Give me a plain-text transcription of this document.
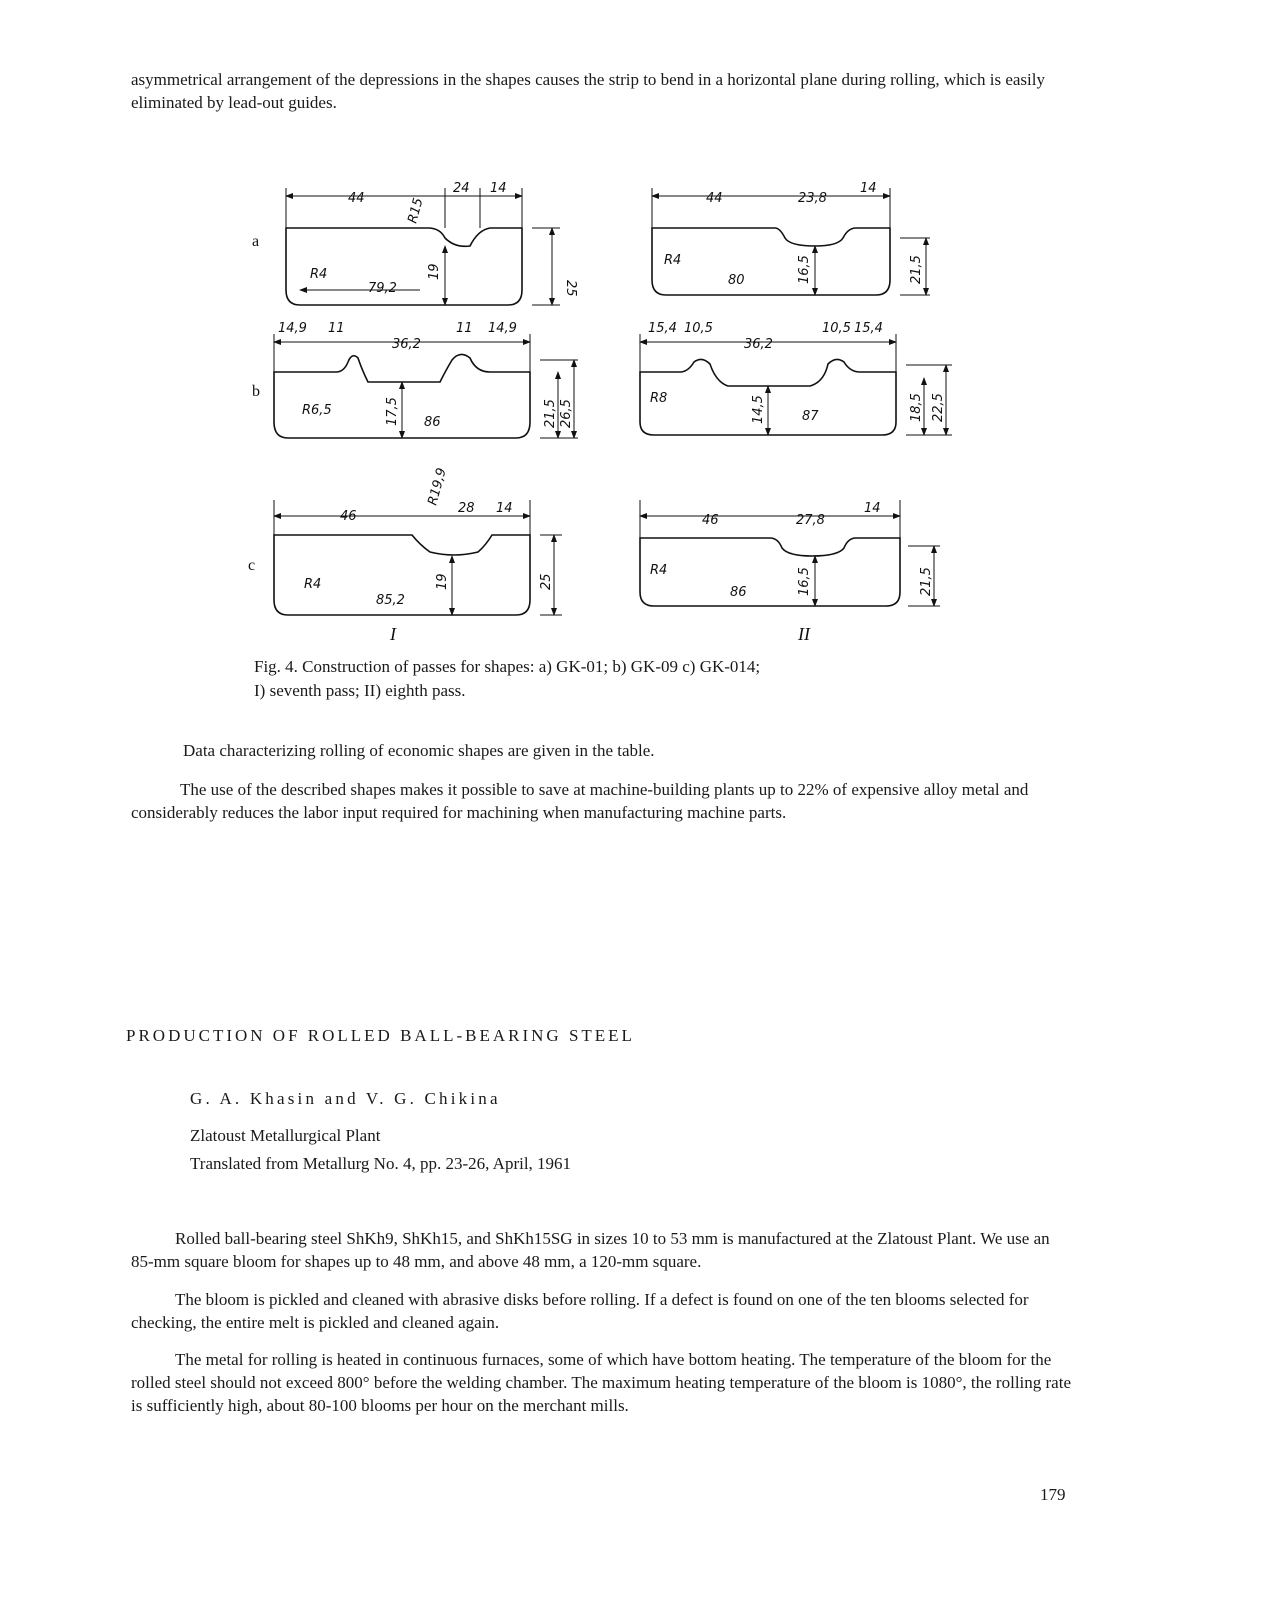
asymmetrical arrangement of the depressions in the shapes causes the strip to bend in a horizontal plane during rolling, which is easily eliminated by lead-out guides.
a
b
c
44
24 14
R15
R4
79,2
19
25
44	23,8
14
R4
80	16,5	21,5
14,9 11
36,2
11 14,9
R6,5
86
17,5	21,5 26,5
15,4 10,5
36,2
10,5 15,4
R8
87
14,5	18,5 22,5
46
28 14
R19,9
R4
85,2
19	25
46	27,8
14
R4
86	16,5	21,5
I	II
Fig. 4. Construction of passes for shapes: a) GK-01; b) GK-09 c) GK-014;
I) seventh pass; II) eighth pass.
Data characterizing rolling of economic shapes are given in the table.
The use of the described shapes makes it possible to save at machine-building plants up to 22% of expensive alloy metal and considerably reduces the labor input required for machining when manufacturing machine parts.
PRODUCTION OF ROLLED BALL-BEARING STEEL
G. A. Khasin and V. G. Chikina
Zlatoust Metallurgical Plant
Translated from Metallurg No. 4, pp. 23-26, April, 1961
Rolled ball-bearing steel ShKh9, ShKh15, and ShKh15SG in sizes 10 to 53 mm is manufactured at the Zlatoust Plant. We use an 85-mm square bloom for shapes up to 48 mm, and above 48 mm, a 120-mm square.
The bloom is pickled and cleaned with abrasive disks before rolling. If a defect is found on one of the ten blooms selected for checking, the entire melt is pickled and cleaned again.
The metal for rolling is heated in continuous furnaces, some of which have bottom heating. The temperature of the bloom for the rolled steel should not exceed 800° before the welding chamber. The maximum heating temperature of the bloom is 1080°, the rolling rate is sufficiently high, about 80-100 blooms per hour on the merchant mills.
179
